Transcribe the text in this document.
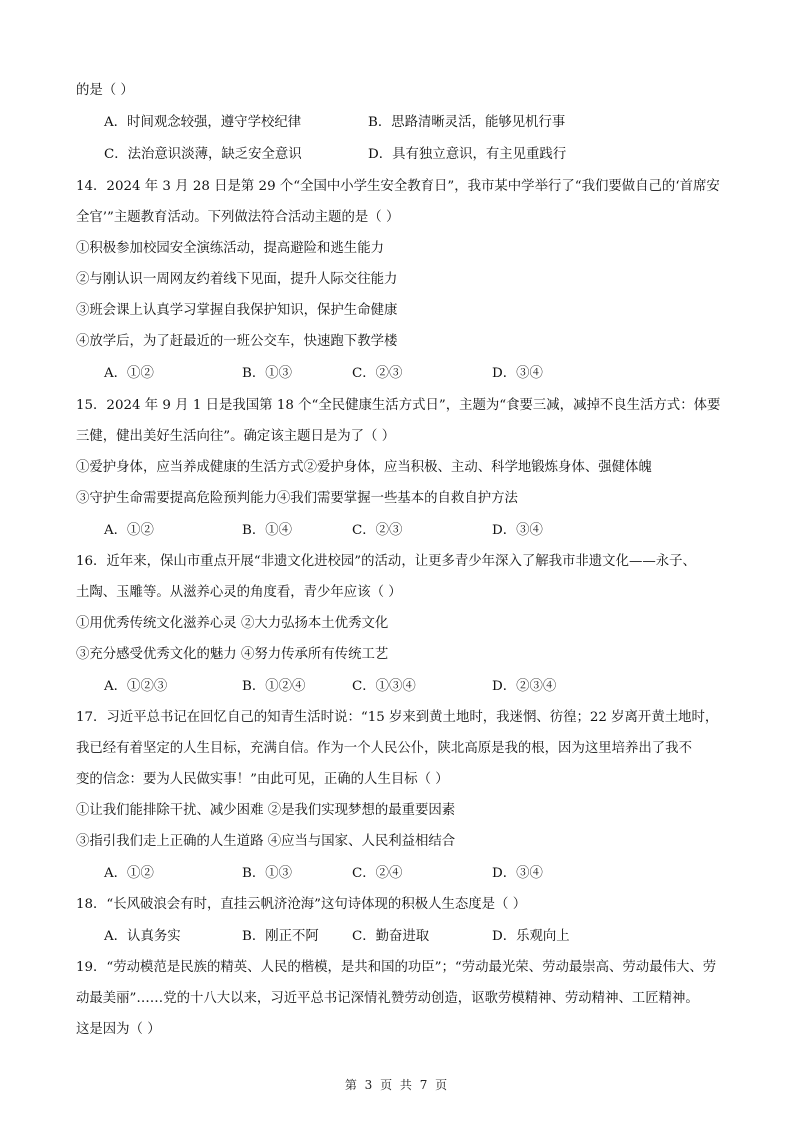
的是（ ）
A．时间观念较强，遵守学校纪律	B．思路清晰灵活，能够见机行事
C．法治意识淡薄，缺乏安全意识	D．具有独立意识，有主见重践行
14．2024 年 3 月 28 日是第 29 个“全国中小学生安全教育日”，我市某中学举行了“我们要做自己的‘首席安
全官’”主题教育活动。下列做法符合活动主题的是（ ）
①积极参加校园安全演练活动，提高避险和逃生能力
②与刚认识一周网友约着线下见面，提升人际交往能力
③班会课上认真学习掌握自我保护知识，保护生命健康
④放学后，为了赶最近的一班公交车，快速跑下教学楼
A．①②	B．①③	C．②③	D．③④
15．2024 年 9 月 1 日是我国第 18 个“全民健康生活方式日”，主题为“食要三减，减掉不良生活方式：体要
三健，健出美好生活向往”。确定该主题日是为了（ ）
①爱护身体，应当养成健康的生活方式②爱护身体，应当积极、主动、科学地锻炼身体、强健体魄
③守护生命需要提高危险预判能力④我们需要掌握一些基本的自救自护方法
A．①②	B．①④	C．②③	D．③④
16．近年来，保山市重点开展“非遗文化进校园”的活动，让更多青少年深入了解我市非遗文化——永子、
土陶、玉雕等。从滋养心灵的角度看，青少年应该（ ）
①用优秀传统文化滋养心灵 ②大力弘扬本土优秀文化
③充分感受优秀文化的魅力 ④努力传承所有传统工艺
A．①②③	B．①②④	C．①③④	D．②③④
17．习近平总书记在回忆自己的知青生活时说：“15 岁来到黄土地时，我迷惘、彷徨；22 岁离开黄土地时，
我已经有着坚定的人生目标，充满自信。作为一个人民公仆，陕北高原是我的根，因为这里培养出了我不
变的信念：要为人民做实事！”由此可见，正确的人生目标（ ）
①让我们能排除干扰、减少困难 ②是我们实现梦想的最重要因素
③指引我们走上正确的人生道路 ④应当与国家、人民利益相结合
A．①②	B．①③	C．②④	D．③④
18．“长风破浪会有时，直挂云帆济沧海”这句诗体现的积极人生态度是（ ）
A．认真务实	B．刚正不阿 C．勤奋进取	D．乐观向上
19．“劳动模范是民族的精英、人民的楷模，是共和国的功臣”；“劳动最光荣、劳动最崇高、劳动最伟大、劳
动最美丽”……党的十八大以来，习近平总书记深情礼赞劳动创造，讴歌劳模精神、劳动精神、工匠精神。
这是因为（ ）
第 3 页 共 7 页
